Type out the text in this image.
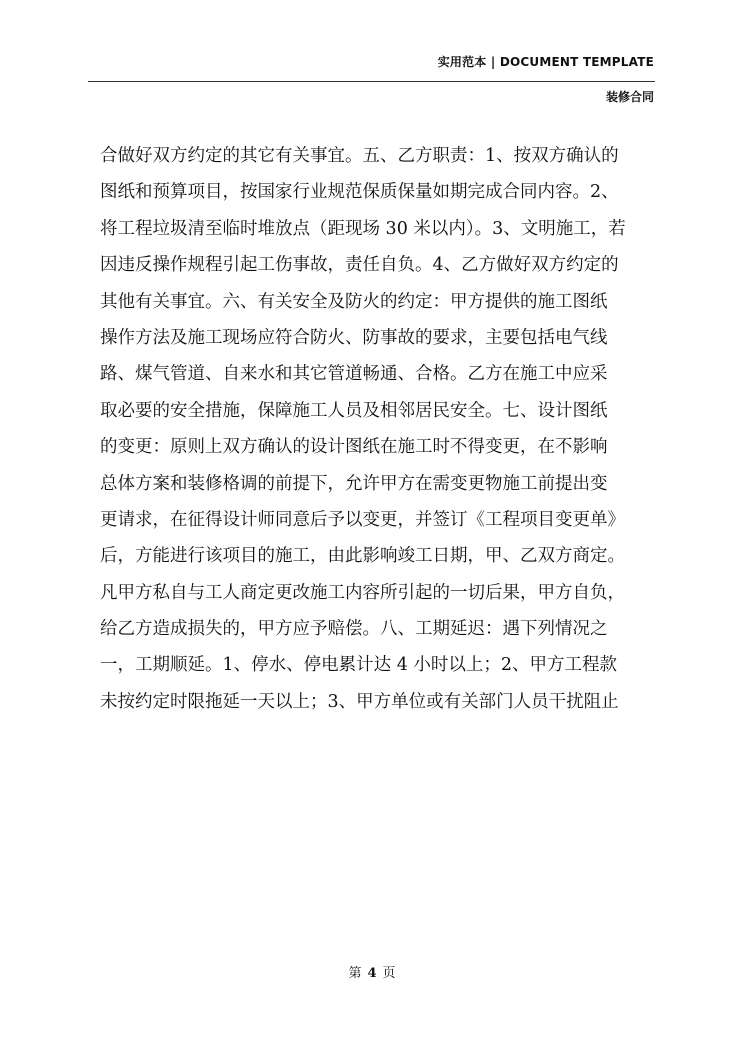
实用范本 | DOCUMENT TEMPLATE
装修合同
合做好双方约定的其它有关事宜。五、乙方职责：1、按双方确认的
图纸和预算项目，按国家行业规范保质保量如期完成合同内容。2、
将工程垃圾清至临时堆放点（距现场 30 米以内）。3、文明施工，若
因违反操作规程引起工伤事故，责任自负。4、乙方做好双方约定的
其他有关事宜。六、有关安全及防火的约定：甲方提供的施工图纸
操作方法及施工现场应符合防火、防事故的要求，主要包括电气线
路、煤气管道、自来水和其它管道畅通、合格。乙方在施工中应采
取必要的安全措施，保障施工人员及相邻居民安全。七、设计图纸
的变更：原则上双方确认的设计图纸在施工时不得变更，在不影响
总体方案和装修格调的前提下，允许甲方在需变更物施工前提出变
更请求，在征得设计师同意后予以变更，并签订《工程项目变更单》
后，方能进行该项目的施工，由此影响竣工日期，甲、乙双方商定。
凡甲方私自与工人商定更改施工内容所引起的一切后果，甲方自负，
给乙方造成损失的，甲方应予赔偿。八、工期延迟：遇下列情况之
一，工期顺延。1、停水、停电累计达 4 小时以上；2、甲方工程款
未按约定时限拖延一天以上；3、甲方单位或有关部门人员干扰阻止
第 4 页
